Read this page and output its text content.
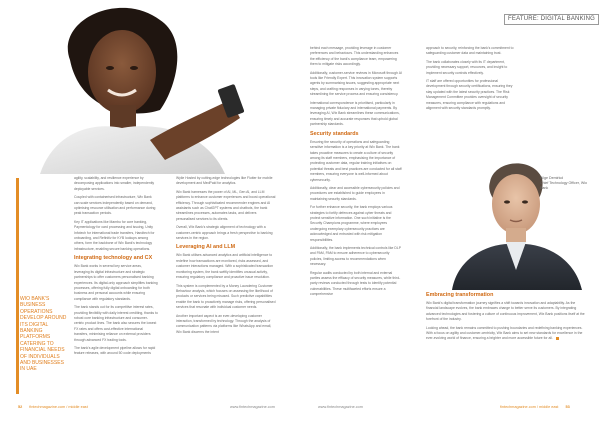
FEATURE: DIGITAL BANKING
WIO BANK'S BUSINESS OPERATIONS DEVELOP AROUND ITS DIGITAL BANKING PLATFORMS CATERING TO FINANCIAL NEEDS OF INDIVIDUALS AND BUSINESSES IN UAE

agility, scalability, and resilience experience by decomposing applications into smaller, independently deployable services.

Coupled with containerised infrastructure, Wix Bank can scale services independently based on demand, optimising resource utilisation and performance during peak transaction periods.

Key IT applications like Mambu for core banking, Paymentology for card processing and issuing, Unity Infotech for international trade transfers, Handtech for onboarding, and Refinitiv for KYB lookups among others, form the backbone of Wix Bank's technology infrastructure, enabling secure banking operations.

Integrating technology and CX

Wix Bank works in several key service areas, leveraging its digital infrastructure and strategic partnerships to offer customers personalised banking experiences. Its digital-only approach simplifies banking processes, offering fully digital onboarding for both business and personal accounts while ensuring compliance with regulatory standards.

The bank stands out for its competitive interest rates, providing flexibility with daily interest crediting, thanks to robust core banking infrastructure and consumer-centric product lines. The bank also secures the lowest FX rates and offers cost-effective international transfers, minimising reliance on external providers through advanced FX trading tools.

The bank's agile development pipeline allows for rapid feature releases, with around 50 code deployments

Wylie Hosted by cutting-edge technologies like Flutter for mobile development and MedPaid for analytics.

Wix Bank harnesses the power of AI, ML, Gen AI, and LLM platforms to enhance customer experiences and boost operational efficiency. Through sophisticated recommender engines and AI assistants such as ChatGPT systems and chatbots, the bank streamlines processes, automates tasks, and delivers personalised services to its clients.

Overall, Wix Bank's strategic alignment of technology with a customer-centric approach brings a fresh perspective to banking services in the region.

Leveraging AI and LLM

Wix Bank utilises advanced analytics and artificial intelligence to redefine how transactions are monitored, risks assessed, and customer interactions managed. With a sophisticated transaction monitoring system, the bank swiftly identifies unusual activity, ensuring regulatory compliance and proactive issue resolution.

This system is complemented by a Money Laundering Customer Behaviour analysis, which focuses on assessing the likelihood of products or services being misused. Such predictive capabilities enable the bank to proactively manage risks, offering personalised services that resonate with individual customer needs.

Another important aspect is an ever-developing customer interaction, transformed by technology. Through the analysis of communication patterns via platforms like WhatsApp and email, Wix Bank discerns the intent

behind each message, providing leverage in customer preferences and behaviours. This understanding enhances the efficiency of the bank's compliance team, empowering them to mitigate risks accordingly.

Additionally, customer-service reviews in Microsoft through AI tools like Friendly Expert. This innovation system supports agents by summarising issues, suggesting appropriate next steps, and crafting responses in varying tones, thereby streamlining the service process and ensuring consistency.

International correspondence is prioritised, particularly in managing private fiduciary and international payments. By leveraging AI, Wix Bank streamlines these communications, ensuring timely and accurate responses that uphold global partnership standards.

Security standards

Ensuring the security of operations and safeguarding sensitive information is a key priority at Wix Bank. The bank takes proactive measures to create a culture of security among its staff members, emphasising the importance of protecting customer data, regular training initiatives on potential threats and best practices are conducted for all staff members, ensuring everyone is well-informed about cybersecurity.

Additionally, clear and accessible cybersecurity policies and procedures are established to guide employees in maintaining security standards.

For further enhance security, the bank employs various strategies to fortify defences against cyber threats and protect sensitive information. One such initiative is the Security Champions programme, where employees undergoing exemplary cybersecurity practices are acknowledged and entrusted with risk mitigation responsibilities.

Additionally, the bank implements technical controls like DLP and PAM, PAM to ensure adherence to cybersecurity policies, limiting access to recommendations when necessary.

Regular audits conducted by both internal and external parties assess the efficacy of security measures, while third-party reviews conducted through tests to identify potential vulnerabilities. These multifaceted efforts ensure a comprehensive

approach to security, reinforcing the bank's commitment to safeguarding customer data and maintaining trust.

The bank collaborates closely with its IT department, providing necessary support, resources, and insight to implement security controls effectively.

IT staff are offered opportunities for professional development through security certifications, ensuring they stay updated with the latest security practices. The Risk Management Committee provides oversight of security measures, ensuring compliance with regulations and alignment with security standards promptly.

Bilge Demirkol
Chief Technology Officer, Wio Bank
Embracing transformation

Wix Bank's digital transformation journey signifies a shift towards innovation and adaptability. As the financial landscape evolves, the bank embraces change to better serve its customers. By integrating advanced technologies and fostering a culture of continuous improvement, Wix Bank positions itself at the forefront of the industry.

Looking ahead, the bank remains committed to pushing boundaries and redefining banking experiences. With a focus on agility and customer-centricity, Wix Bank aims to set new standards for excellence in the ever-evolving world of finance, ensuring a brighter and more accessible future for all.

52 fintechmagazine.com / middle east	www.fintechmagazine.com	www.fintechmagazine.com	fintechmagazine.com / middle east 53
